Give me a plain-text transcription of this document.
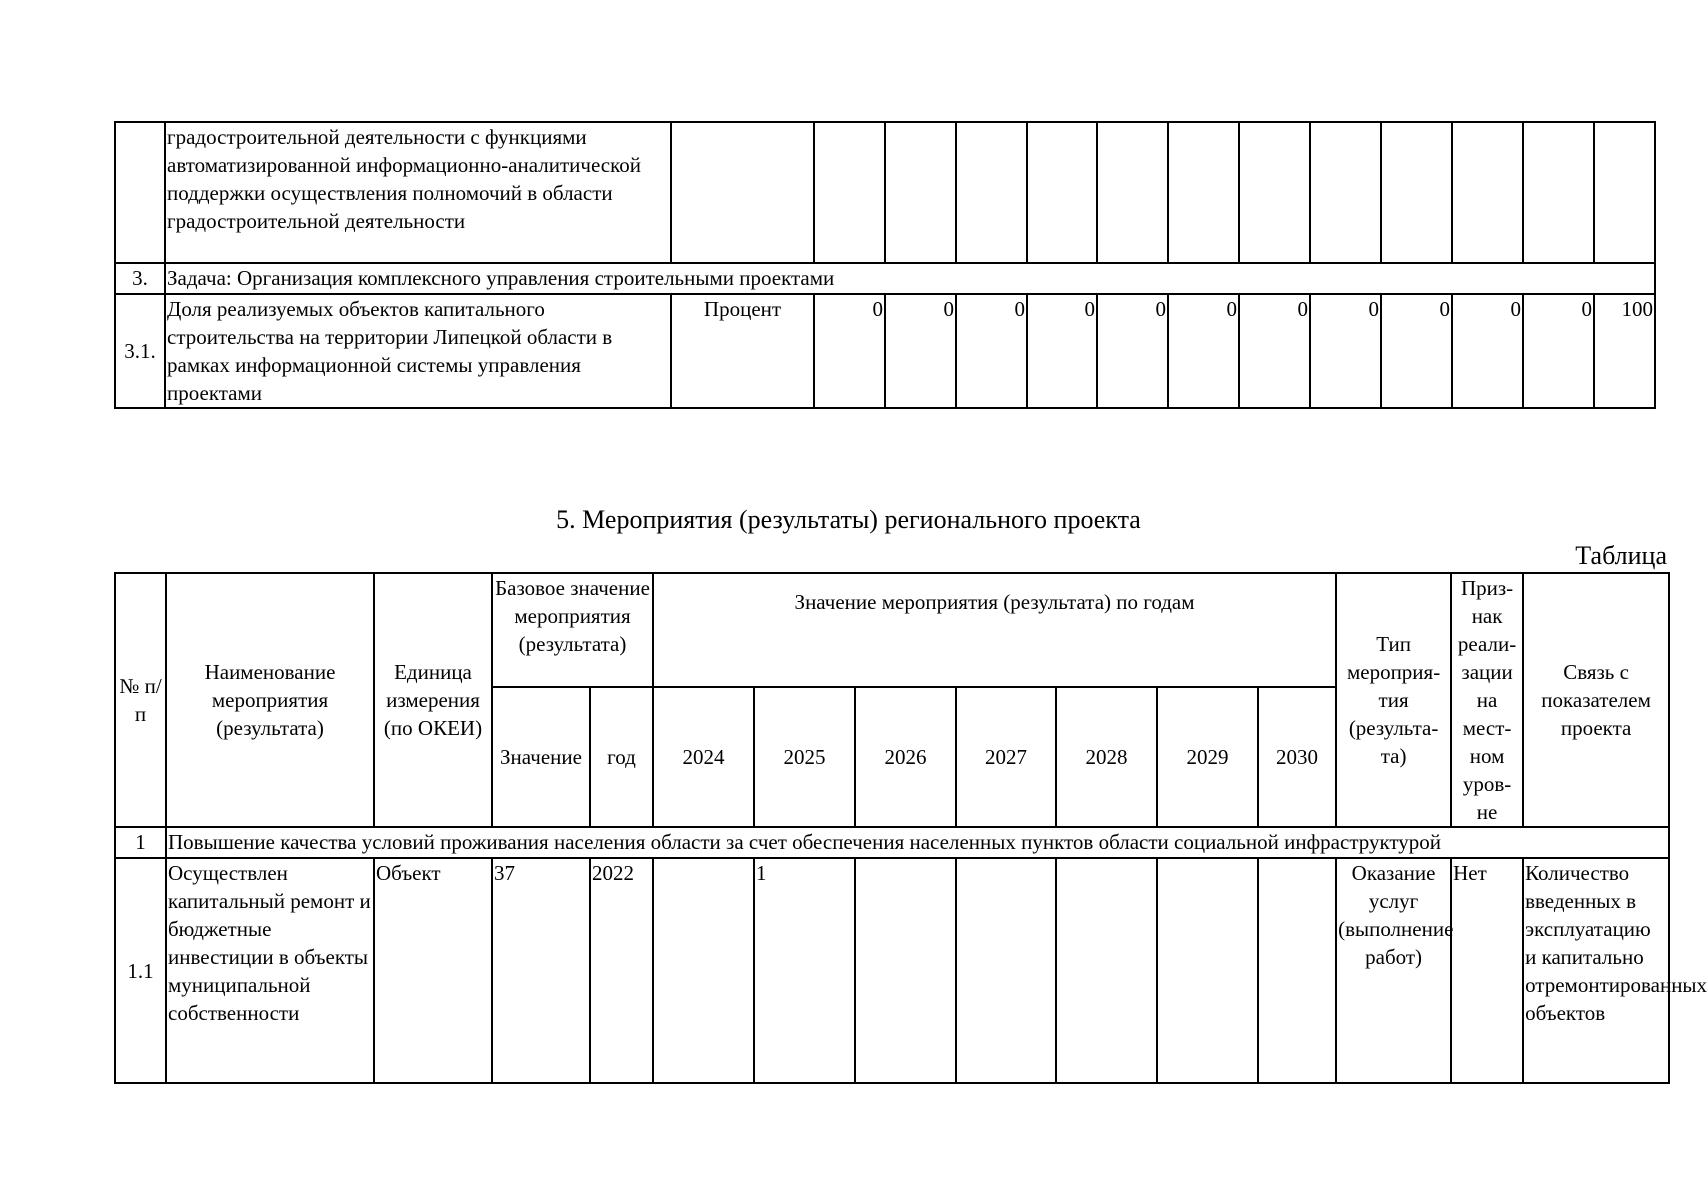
	градостроительной деятельности с функциями автоматизированной информационно-аналитической поддержки осуществления полномочий в области градостроительной деятельности													
3.	Задача: Организация комплексного управления строительными проектами													
3.1.	Доля реализуемых объектов капитального строительства на территории Липецкой области в рамках информационной системы управления проектами	Процент	0	0	0	0	0	0	0	0	0	0	0	100
5. Мероприятия (результаты) регионального проекта
Таблица
№ п/п	Наименование мероприятия (результата)	Единица измерения (по ОКЕИ)	Базовое значение мероприятия (результата)		Значение мероприятия (результата) по годам							Тип мероприя-тия (результа-та)	Приз-нак реали-зации на мест-ном уров-не	Связь с показателем проекта
			Значение	год	2024	2025	2026	2027	2028	2029	2030			
1	Повышение качества условий проживания населения области за счет обеспечения населенных пунктов области социальной инфраструктурой													
1.1	Осуществлен капитальный ремонт и бюджетные инвестиции в объекты муниципальной собственности	Объект	37	2022		1						Оказание услуг (выполнение работ)	Нет	Количество введенных в эксплуатацию и капитально отремонтированных объектов
